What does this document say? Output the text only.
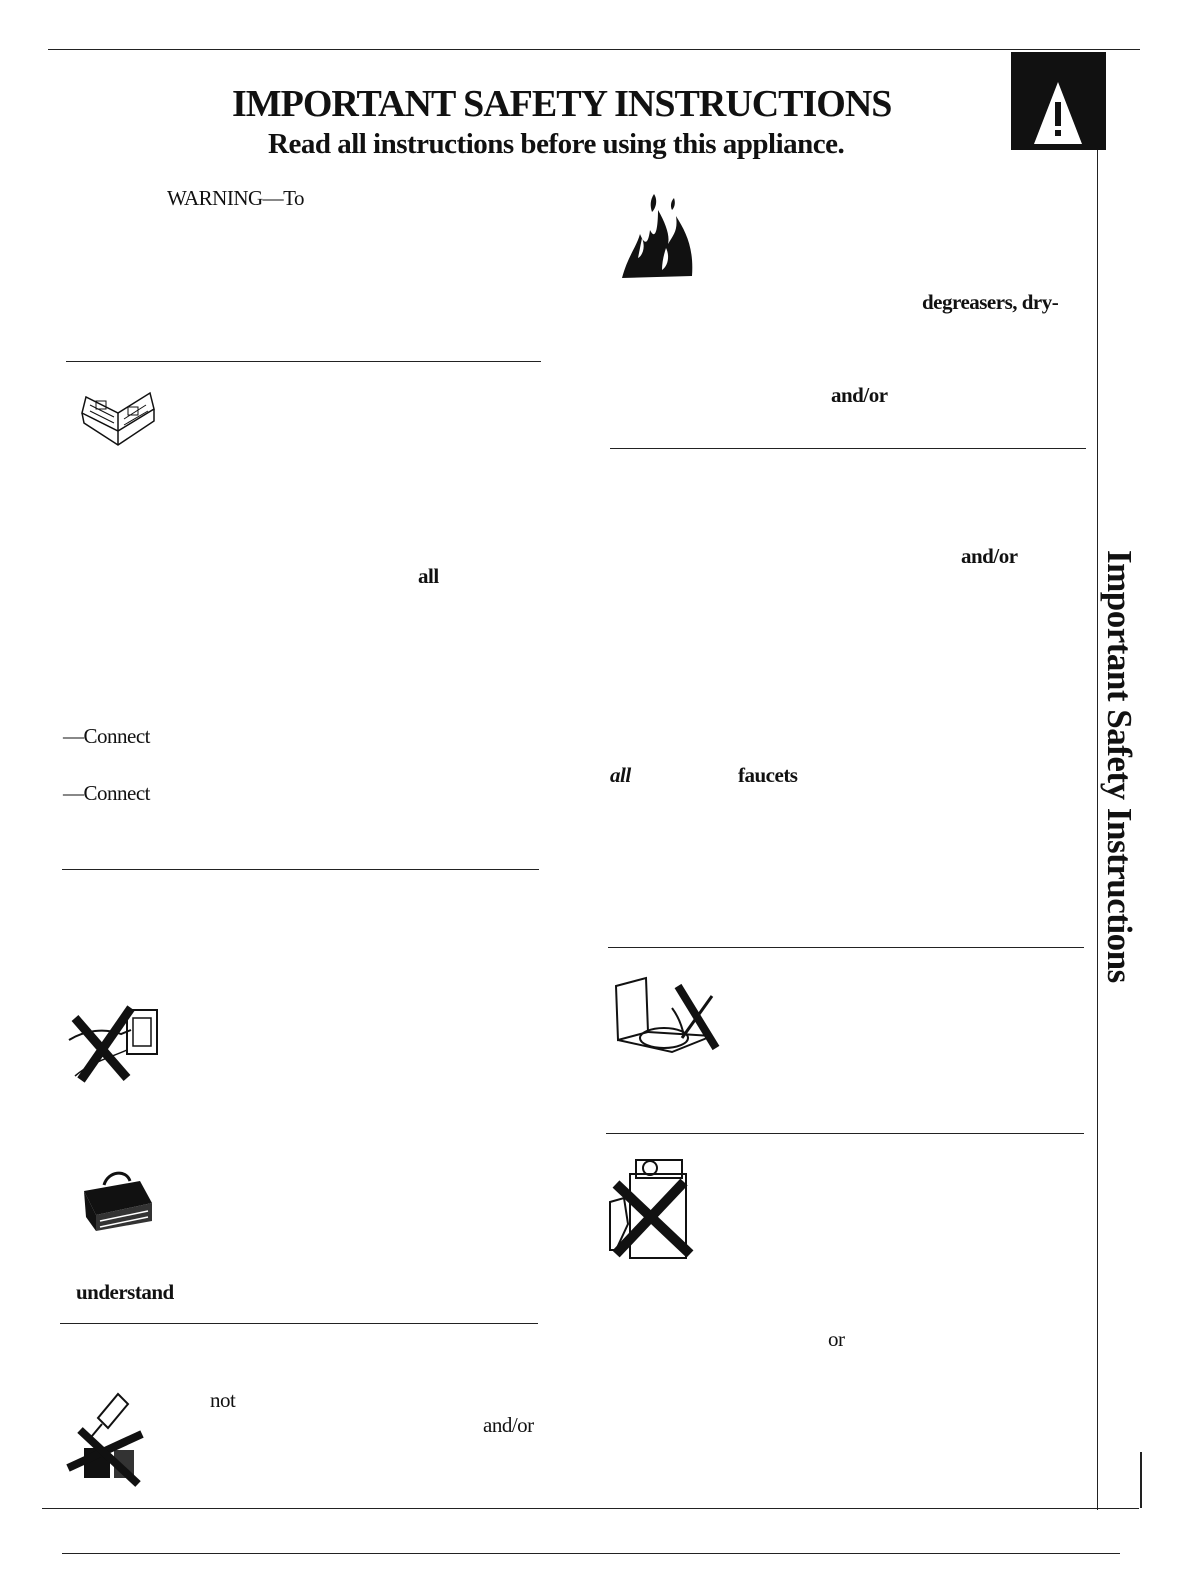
IMPORTANT SAFETY INSTRUCTIONS
Read all instructions before using this appliance.
Important Safety Instructions
WARNING—To
all
—Connect
—Connect
understand
not
and/or
degreasers, dry-
and/or
and/or
all	faucets
or
